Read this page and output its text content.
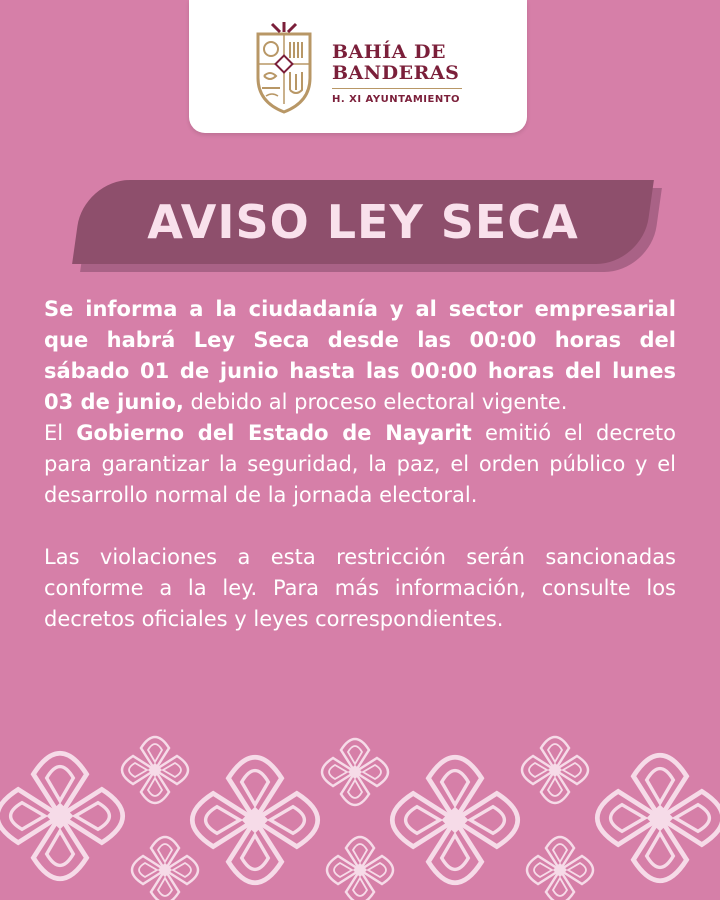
BAHÍA DE
BANDERAS
H. XI AYUNTAMIENTO
AVISO LEY SECA

Se informa a la ciudadanía y al sector empresarial que habrá Ley Seca desde las 00:00 horas del sábado 01 de junio hasta las 00:00 horas del lunes 03 de junio, debido al proceso electoral vigente.

El Gobierno del Estado de Nayarit emitió el decreto para garantizar la seguridad, la paz, el orden público y el desarrollo normal de la jornada electoral.

Las violaciones a esta restricción serán sancionadas conforme a la ley. Para más información, consulte los decretos oficiales y leyes correspondientes.
